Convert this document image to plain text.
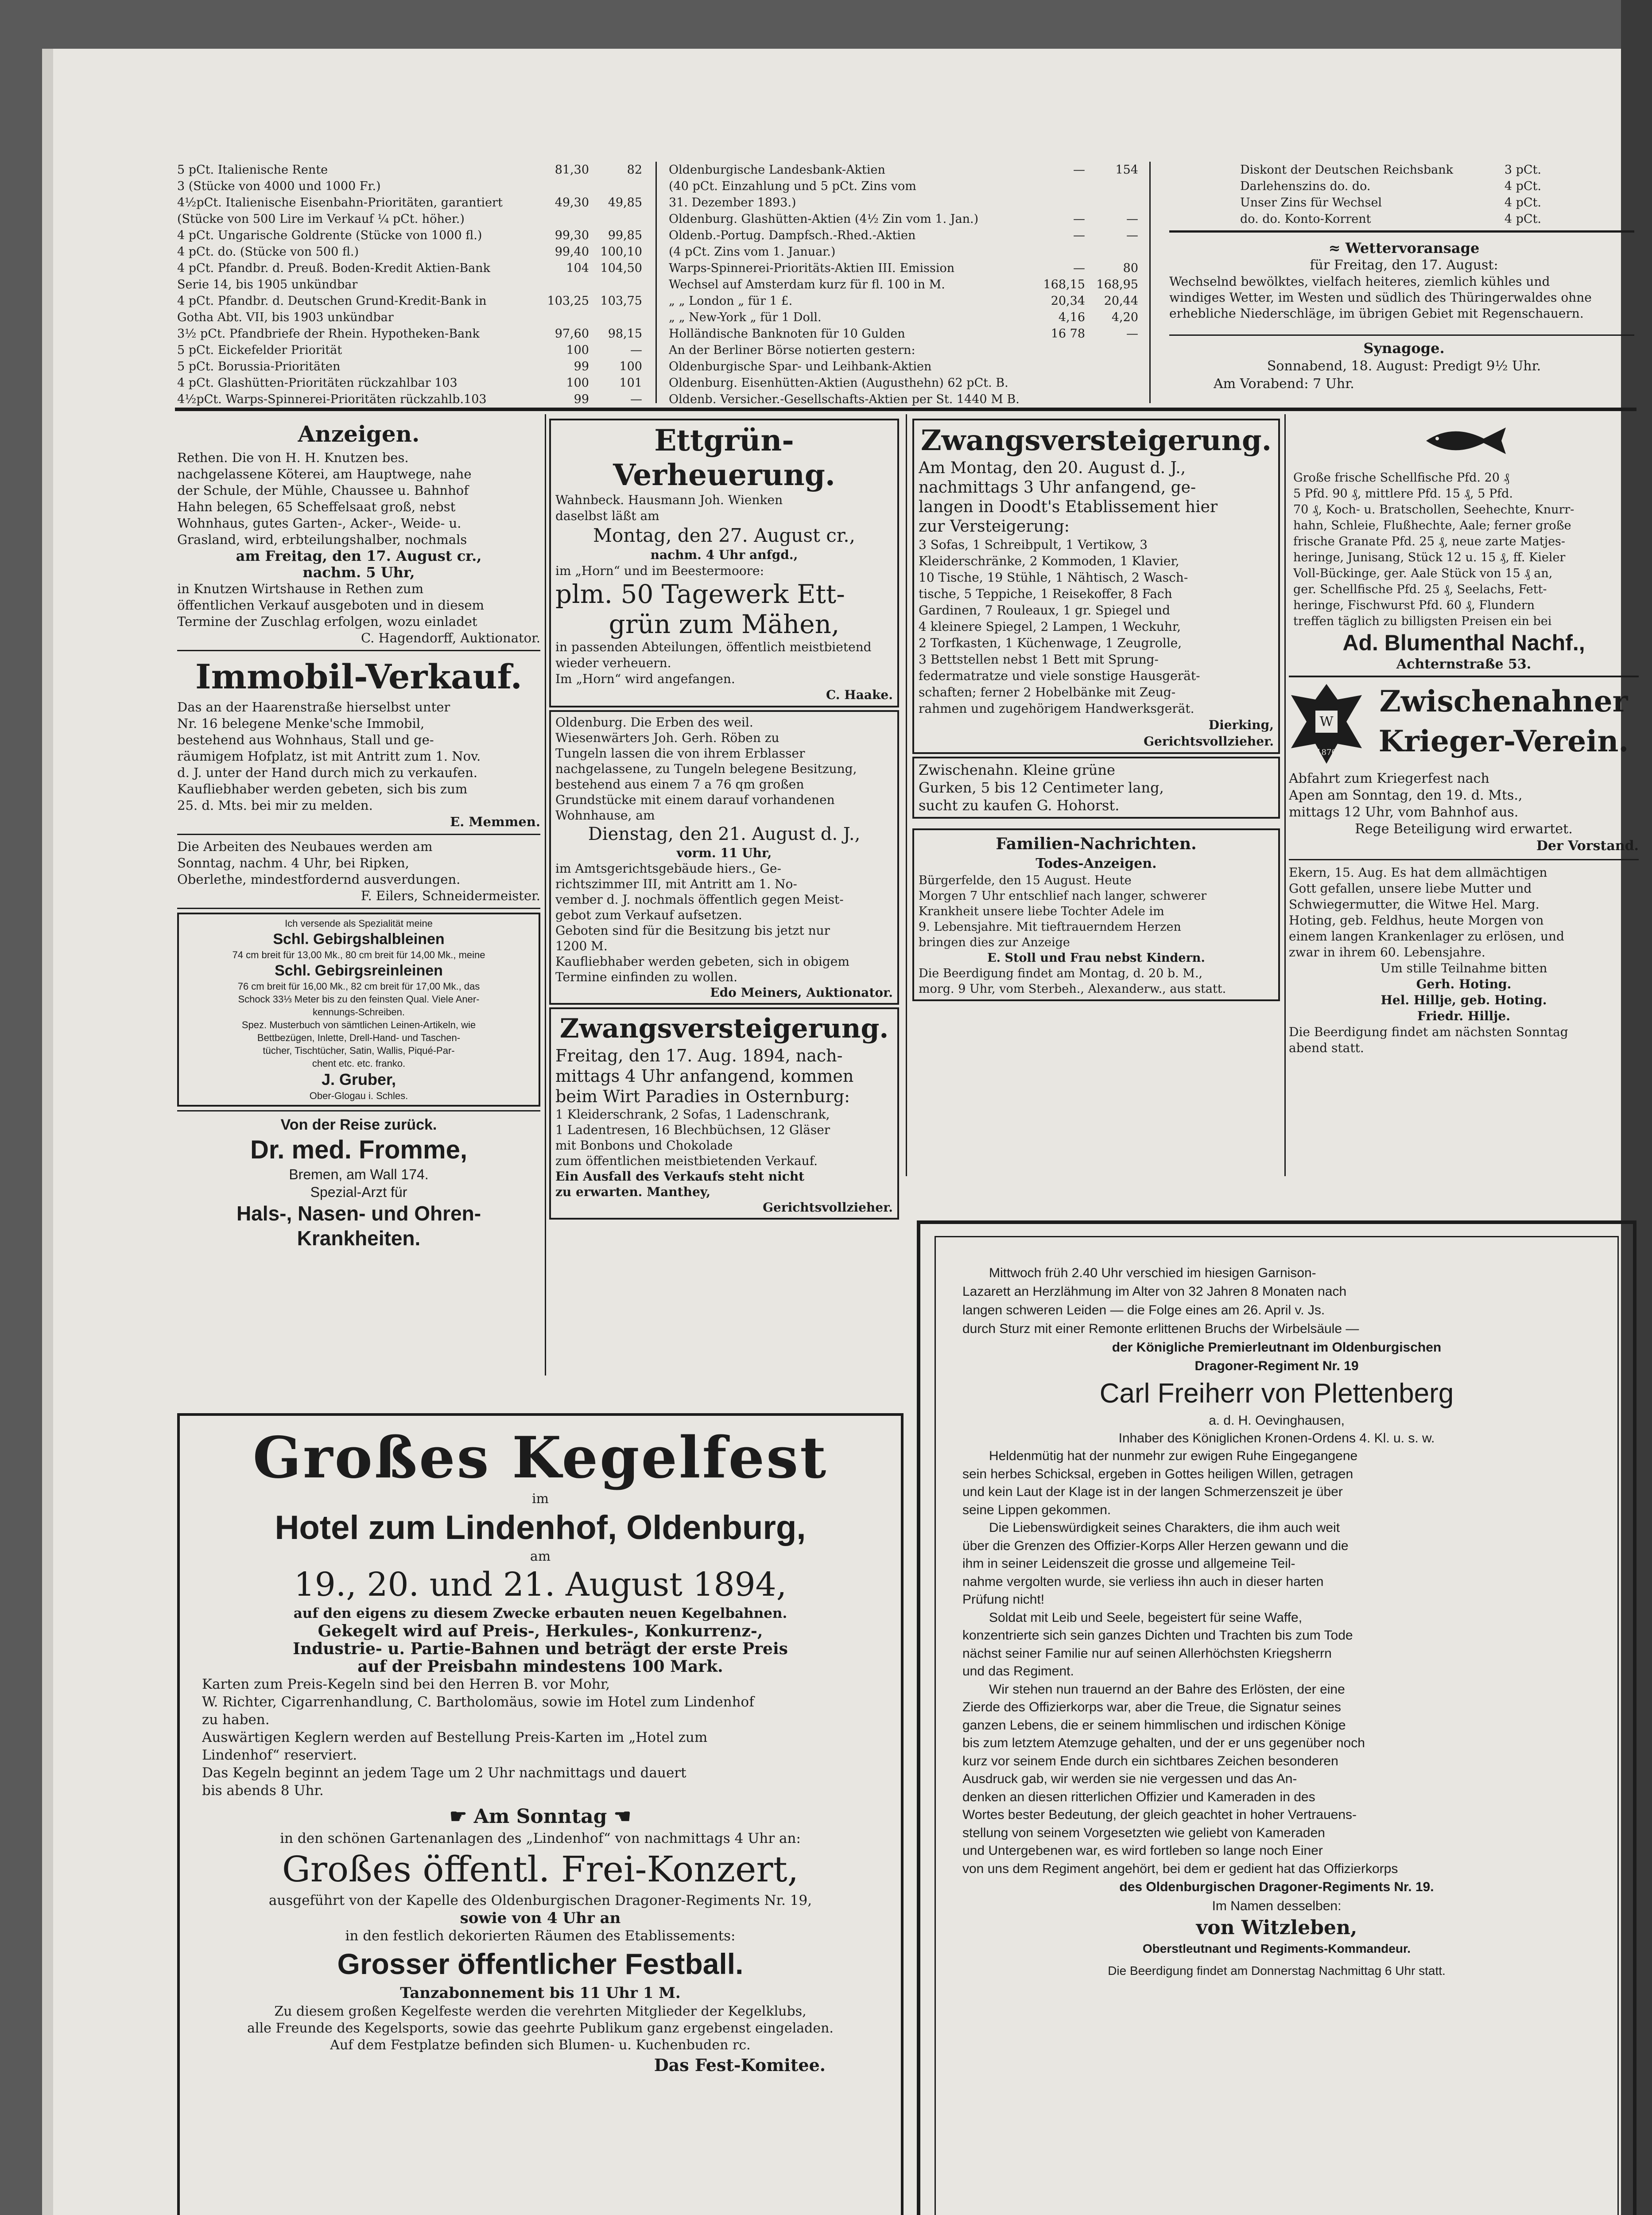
5 pCt. Italienische Rente	81,30	82
3 (Stücke von 4000 und 1000 Fr.)
4½pCt. Italienische Eisenbahn-Prioritäten, garantiert	49,30	49,85
(Stücke von 500 Lire im Verkauf ¼ pCt. höher.)
4 pCt. Ungarische Goldrente (Stücke von 1000 fl.)	99,30	99,85
4 pCt. do. (Stücke von 500 fl.)	99,40 100,10
4 pCt. Pfandbr. d. Preuß. Boden-Kredit Aktien-Bank	104 104,50
Serie 14, bis 1905 unkündbar
4 pCt. Pfandbr. d. Deutschen Grund-Kredit-Bank in	103,25 103,75
Gotha Abt. VII, bis 1903 unkündbar
3½ pCt. Pfandbriefe der Rhein. Hypotheken-Bank	97,60	98,15
5 pCt. Eickefelder Priorität	100	—
5 pCt. Borussia-Prioritäten	99	100
4 pCt. Glashütten-Prioritäten rückzahlbar 103	100	101
4½pCt. Warps-Spinnerei-Prioritäten rückzahlb.103	99	—
Oldenburgische Landesbank-Aktien	—	154
(40 pCt. Einzahlung und 5 pCt. Zins vom
31. Dezember 1893.)
Oldenburg. Glashütten-Aktien (4½ Zin vom 1. Jan.)	—	—
Oldenb.-Portug. Dampfsch.-Rhed.-Aktien	—	—
(4 pCt. Zins vom 1. Januar.)
Warps-Spinnerei-Prioritäts-Aktien III. Emission	—	80
Wechsel auf Amsterdam kurz für fl. 100 in M.	168,15 168,95
„ „ London „ für 1 £.	20,34	20,44
„ „ New-York „ für 1 Doll.	4,16	4,20
Holländische Banknoten für 10 Gulden	16 78	—
An der Berliner Börse notierten gestern:
Oldenburgische Spar- und Leihbank-Aktien
Oldenburg. Eisenhütten-Aktien (Augusthehn) 62 pCt. B.
Oldenb. Versicher.-Gesellschafts-Aktien per St. 1440 M B.
Diskont der Deutschen Reichsbank	3 pCt.
Darlehenszins do. do.	4 pCt.
Unser Zins für Wechsel	4 pCt.
do. do. Konto-Korrent	4 pCt.
≈ Wettervoransage
für Freitag, den 17. August:
Wechselnd bewölktes, vielfach heiteres, ziemlich kühles und
windiges Wetter, im Westen und südlich des Thüringerwaldes ohne
erhebliche Niederschläge, im übrigen Gebiet mit Regenschauern.
Synagoge.
Sonnabend, 18. August: Predigt 9½ Uhr.
Am Vorabend: 7 Uhr.
Anzeigen.
Rethen. Die von H. H. Knutzen bes.
nachgelassene Köterei, am Hauptwege, nahe
der Schule, der Mühle, Chaussee u. Bahnhof
Hahn belegen, 65 Scheffelsaat groß, nebst
Wohnhaus, gutes Garten-, Acker-, Weide- u.
Grasland, wird, erbteilungshalber, nochmals
am Freitag, den 17. August cr.,
nachm. 5 Uhr,
in Knutzen Wirtshause in Rethen zum
öffentlichen Verkauf ausgeboten und in diesem
Termine der Zuschlag erfolgen, wozu einladet
C. Hagendorff, Auktionator.
Immobil-Verkauf.
Das an der Haarenstraße hierselbst unter
Nr. 16 belegene Menke'sche Immobil,
bestehend aus Wohnhaus, Stall und ge-
räumigem Hofplatz, ist mit Antritt zum 1. Nov.
d. J. unter der Hand durch mich zu verkaufen.
Kaufliebhaber werden gebeten, sich bis zum
25. d. Mts. bei mir zu melden.
E. Memmen.
Die Arbeiten des Neubaues werden am
Sonntag, nachm. 4 Uhr, bei Ripken,
Oberlethe, mindestfordernd ausverdungen.
F. Eilers, Schneidermeister.
Ich versende als Spezialität meine
Schl. Gebirgshalbleinen
74 cm breit für 13,00 Mk., 80 cm breit für 14,00 Mk., meine
Schl. Gebirgsreinleinen
76 cm breit für 16,00 Mk., 82 cm breit für 17,00 Mk., das
Schock 33⅓ Meter bis zu den feinsten Qual. Viele Aner-
kennungs-Schreiben.
Spez. Musterbuch von sämtlichen Leinen-Artikeln, wie
Bettbezügen, Inlette, Drell-Hand- und Taschen-
tücher, Tischtücher, Satin, Wallis, Piqué-Par-
chent etc. etc. franko.
J. Gruber,
Ober-Glogau i. Schles.
Von der Reise zurück.
Dr. med. Fromme,
Bremen, am Wall 174.
Spezial-Arzt für
Hals-, Nasen- und Ohren-
Krankheiten.
Ettgrün-
Verheuerung.
Wahnbeck. Hausmann Joh. Wienken
daselbst läßt am
Montag, den 27. August cr.,
nachm. 4 Uhr anfgd.,
im „Horn“ und im Beestermoore:
plm. 50 Tagewerk Ett-
grün zum Mähen,
in passenden Abteilungen, öffentlich meistbietend
wieder verheuern.
Im „Horn“ wird angefangen.
C. Haake.
Oldenburg. Die Erben des weil.
Wiesenwärters Joh. Gerh. Röben zu
Tungeln lassen die von ihrem Erblasser
nachgelassene, zu Tungeln belegene Besitzung,
bestehend aus einem 7 a 76 qm großen
Grundstücke mit einem darauf vorhandenen
Wohnhause, am
Dienstag, den 21. August d. J.,
vorm. 11 Uhr,
im Amtsgerichtsgebäude hiers., Ge-
richtszimmer III, mit Antritt am 1. No-
vember d. J. nochmals öffentlich gegen Meist-
gebot zum Verkauf aufsetzen.
Geboten sind für die Besitzung bis jetzt nur
1200 M.
Kaufliebhaber werden gebeten, sich in obigem
Termine einfinden zu wollen.
Edo Meiners, Auktionator.
Zwangsversteigerung.
Freitag, den 17. Aug. 1894, nach-
mittags 4 Uhr anfangend, kommen
beim Wirt Paradies in Osternburg:
1 Kleiderschrank, 2 Sofas, 1 Ladenschrank,
1 Ladentresen, 16 Blechbüchsen, 12 Gläser
mit Bonbons und Chokolade
zum öffentlichen meistbietenden Verkauf.
Ein Ausfall des Verkaufs steht nicht
zu erwarten. Manthey,
Gerichtsvollzieher.
Zwangsversteigerung.
Am Montag, den 20. August d. J.,
nachmittags 3 Uhr anfangend, ge-
langen in Doodt's Etablissement hier
zur Versteigerung:
3 Sofas, 1 Schreibpult, 1 Vertikow, 3
Kleiderschränke, 2 Kommoden, 1 Klavier,
10 Tische, 19 Stühle, 1 Nähtisch, 2 Wasch-
tische, 5 Teppiche, 1 Reisekoffer, 8 Fach
Gardinen, 7 Rouleaux, 1 gr. Spiegel und
4 kleinere Spiegel, 2 Lampen, 1 Weckuhr,
2 Torfkasten, 1 Küchenwage, 1 Zeugrolle,
3 Bettstellen nebst 1 Bett mit Sprung-
federmatratze und viele sonstige Hausgerät-
schaften; ferner 2 Hobelbänke mit Zeug-
rahmen und zugehörigem Handwerksgerät.
Dierking,
Gerichtsvollzieher.
Zwischenahn. Kleine grüne
Gurken, 5 bis 12 Centimeter lang,
sucht zu kaufen G. Hohorst.
Familien-Nachrichten.
Todes-Anzeigen.
Bürgerfelde, den 15 August. Heute
Morgen 7 Uhr entschlief nach langer, schwerer
Krankheit unsere liebe Tochter Adele im
9. Lebensjahre. Mit tieftrauerndem Herzen
bringen dies zur Anzeige
E. Stoll und Frau nebst Kindern.
Die Beerdigung findet am Montag, d. 20 b. M.,
morg. 9 Uhr, vom Sterbeh., Alexanderw., aus statt.
Große frische Schellfische Pfd. 20 ₰
5 Pfd. 90 ₰, mittlere Pfd. 15 ₰, 5 Pfd.
70 ₰, Koch- u. Bratschollen, Seehechte, Knurr-
hahn, Schleie, Flußhechte, Aale; ferner große
frische Granate Pfd. 25 ₰, neue zarte Matjes-
heringe, Junisang, Stück 12 u. 15 ₰, ff. Kieler
Voll-Bückinge, ger. Aale Stück von 15 ₰ an,
ger. Schellfische Pfd. 25 ₰, Seelachs, Fett-
heringe, Fischwurst Pfd. 60 ₰, Flundern
treffen täglich zu billigsten Preisen ein bei
Ad. Blumenthal Nachf.,
Achternstraße 53.
W
1870
Zwischenahner
Krieger-Verein.
Abfahrt zum Kriegerfest nach
Apen am Sonntag, den 19. d. Mts.,
mittags 12 Uhr, vom Bahnhof aus.
Rege Beteiligung wird erwartet.
Der Vorstand.
Ekern, 15. Aug. Es hat dem allmächtigen
Gott gefallen, unsere liebe Mutter und
Schwiegermutter, die Witwe Hel. Marg.
Hoting, geb. Feldhus, heute Morgen von
einem langen Krankenlager zu erlösen, und
zwar in ihrem 60. Lebensjahre.
Um stille Teilnahme bitten
Gerh. Hoting.
Hel. Hillje, geb. Hoting.
Friedr. Hillje.
Die Beerdigung findet am nächsten Sonntag
abend statt.
Großes Kegelfest
im
Hotel zum Lindenhof, Oldenburg,
am
19., 20. und 21. August 1894,
auf den eigens zu diesem Zwecke erbauten neuen Kegelbahnen.
Gekegelt wird auf Preis-, Herkules-, Konkurrenz-,
Industrie- u. Partie-Bahnen und beträgt der erste Preis
auf der Preisbahn mindestens 100 Mark.
Karten zum Preis-Kegeln sind bei den Herren B. vor Mohr,
W. Richter, Cigarrenhandlung, C. Bartholomäus, sowie im Hotel zum Lindenhof
zu haben.
Auswärtigen Keglern werden auf Bestellung Preis-Karten im „Hotel zum
Lindenhof“ reserviert.
Das Kegeln beginnt an jedem Tage um 2 Uhr nachmittags und dauert
bis abends 8 Uhr.
☛ Am Sonntag ☚
in den schönen Gartenanlagen des „Lindenhof“ von nachmittags 4 Uhr an:
Großes öffentl. Frei-Konzert,
ausgeführt von der Kapelle des Oldenburgischen Dragoner-Regiments Nr. 19,
sowie von 4 Uhr an
in den festlich dekorierten Räumen des Etablissements:
Grosser öffentlicher Festball.
Tanzabonnement bis 11 Uhr 1 M.
Zu diesem großen Kegelfeste werden die verehrten Mitglieder der Kegelklubs,
alle Freunde des Kegelsports, sowie das geehrte Publikum ganz ergebenst eingeladen.
Auf dem Festplatze befinden sich Blumen- u. Kuchenbuden rc.
Das Fest-Komitee.
Mittwoch früh 2.40 Uhr verschied im hiesigen Garnison-
Lazarett an Herzlähmung im Alter von 32 Jahren 8 Monaten nach
langen schweren Leiden — die Folge eines am 26. April v. Js.
durch Sturz mit einer Remonte erlittenen Bruchs der Wirbelsäule —
der Königliche Premierleutnant im Oldenburgischen
Dragoner-Regiment Nr. 19
Carl Freiherr von Plettenberg
a. d. H. Oevinghausen,
Inhaber des Königlichen Kronen-Ordens 4. Kl. u. s. w.
Heldenmütig hat der nunmehr zur ewigen Ruhe Eingegangene
sein herbes Schicksal, ergeben in Gottes heiligen Willen, getragen
und kein Laut der Klage ist in der langen Schmerzenszeit je über
seine Lippen gekommen.
Die Liebenswürdigkeit seines Charakters, die ihm auch weit
über die Grenzen des Offizier-Korps Aller Herzen gewann und die
ihm in seiner Leidenszeit die grosse und allgemeine Teil-
nahme vergolten wurde, sie verliess ihn auch in dieser harten
Prüfung nicht!
Soldat mit Leib und Seele, begeistert für seine Waffe,
konzentrierte sich sein ganzes Dichten und Trachten bis zum Tode
nächst seiner Familie nur auf seinen Allerhöchsten Kriegsherrn
und das Regiment.
Wir stehen nun trauernd an der Bahre des Erlösten, der eine
Zierde des Offizierkorps war, aber die Treue, die Signatur seines
ganzen Lebens, die er seinem himmlischen und irdischen Könige
bis zum letztem Atemzuge gehalten, und der er uns gegenüber noch
kurz vor seinem Ende durch ein sichtbares Zeichen besonderen
Ausdruck gab, wir werden sie nie vergessen und das An-
denken an diesen ritterlichen Offizier und Kameraden in des
Wortes bester Bedeutung, der gleich geachtet in hoher Vertrauens-
stellung von seinem Vorgesetzten wie geliebt von Kameraden
und Untergebenen war, es wird fortleben so lange noch Einer
von uns dem Regiment angehört, bei dem er gedient hat das Offizierkorps
des Oldenburgischen Dragoner-Regiments Nr. 19.
Im Namen desselben:
von Witzleben,
Oberstleutnant und Regiments-Kommandeur.
Die Beerdigung findet am Donnerstag Nachmittag 6 Uhr statt.
